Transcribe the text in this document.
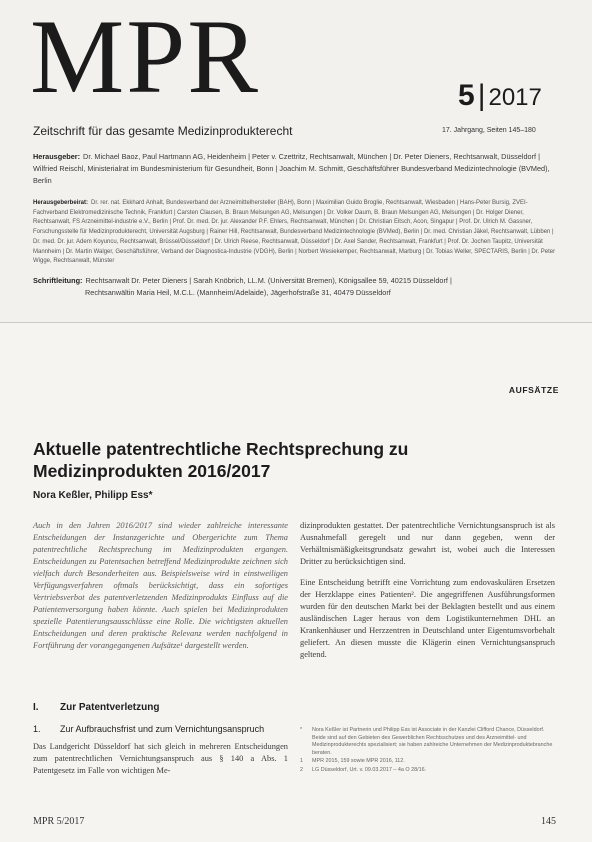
MPR	5 | 2017
Zeitschrift für das gesamte Medizinprodukterecht	17. Jahrgang, Seiten 145–180
Herausgeber: Dr. Michael Baoz, Paul Hartmann AG, Heidenheim | Peter v. Czettritz, Rechtsanwalt, München | Dr. Peter Dieners, Rechtsanwalt, Düsseldorf | Wilfried Reischl, Ministerialrat im Bundesministerium für Gesundheit, Bonn | Joachim M. Schmitt, Geschäftsführer Bundesverband Medizintechnologie (BVMed), Berlin
Herausgeberbeirat: Dr. rer. nat. Ekkhard Anhalt, Bundesverband der Arzneimittelhersteller (BAH), Bonn | Maximilian Guido Broglie, Rechtsanwalt, Wiesbaden | Hans-Peter Bursig, ZVEI-Fachverband Elektromedizinische Technik, Frankfurt | Carsten Clausen, B. Braun Melsungen AG, Melsungen | Dr. Volker Daum, B. Braun Melsungen AG, Melsungen | Dr. Holger Diener, Rechtsanwalt, FS Arzneimittel-industrie e.V., Berlin | Prof. Dr. med. Dr. jur. Alexander P.F. Ehlers, Rechtsanwalt, München | Dr. Christian Eitsch, Acon, Singapur | Prof. Dr. Ulrich M. Gassner, Forschungsstelle für Medizinprodukterecht, Universität Augsburg | Rainer Hill, Rechtsanwalt, Bundesverband Medizintechnologie (BVMed), Berlin | Dr. med. Christian Jäkel, Rechtsanwalt, Lübben | Dr. med. Dr. jur. Adem Koyuncu, Rechtsanwalt, Brüssel/Düsseldorf | Dr. Ulrich Reese, Rechtsanwalt, Düsseldorf | Dr. Axel Sander, Rechtsanwalt, Frankfurt | Prof. Dr. Jochen Taupitz, Universität Mannheim | Dr. Martin Walger, Geschäftsführer, Verband der Diagnostica-Industrie (VDGH), Berlin | Norbert Wesiekemper, Rechtsanwalt, Marburg | Dr. Tobias Weller, SPECTARIS, Berlin | Dr. Peter Wigge, Rechtsanwalt, Münster
Schriftleitung: Rechtsanwalt Dr. Peter Dieners | Sarah Knöbrich, LL.M. (Universität Bremen), Königsallee 59, 40215 Düsseldorf |
Rechtsanwältin Maria Heil, M.C.L. (Mannheim/Adelaide), Jägerhofstraße 31, 40479 Düsseldorf
AUFSÄTZE
Aktuelle patentrechtliche Rechtsprechung zu Medizinprodukten 2016/2017
Nora Keßler, Philipp Ess*

Auch in den Jahren 2016/2017 sind wieder zahlreiche interessante Entscheidungen der Instanzgerichte und Obergerichte zum Thema patentrechtliche Rechtsprechung im Medizinprodukten ergangen. Entscheidungen zu Patentsachen betreffend Medizinprodukte zeichnen sich vielfach durch Besonderheiten aus. Beispielsweise wird in einstweiligen Verfügungsverfahren oftmals berücksichtigt, dass ein sofortiges Vertriebsverbot des patentverletzenden Medizinprodukts Einfluss auf die Patientenversorgung haben könnte. Auch spielen bei Medizinprodukten spezielle Patentierungsausschlüsse eine Rolle. Die wichtigsten aktuellen Entscheidungen und deren praktische Relevanz werden nachfolgend in Fortführung der vorangegangenen Aufsätze¹ dargestellt werden.

dizinprodukten gestattet. Der patentrechtliche Vernichtungsanspruch ist als Ausnahmefall geregelt und nur dann gegeben, wenn der Verhältnismäßigkeitsgrundsatz gewahrt ist, wobei auch die Interessen Dritter zu berücksichtigen sind.

Eine Entscheidung betrifft eine Vorrichtung zum endovaskulären Ersetzen der Herzklappe eines Patienten². Die angegriffenen Ausführungsformen wurden für den deutschen Markt bei der Beklagten bestellt und aus einem ausländischen Lager heraus von dem Logistikunternehmen DHL an Krankenhäuser und Herzzentren in Deutschland unter Eigentumsvorbehalt geliefert. An diesen musste die Klägerin einen Vernichtungsanspruch geltend.

I. Zur Patentverletzung
1. Zur Aufbrauchsfrist und zum Vernichtungsanspruch
Das Landgericht Düsseldorf hat sich gleich in mehreren Entscheidungen zum patentrechtlichen Vernichtungsanspruch aus § 140 a Abs. 1 Patentgesetz im Falle von wichtigen Me-
*	Nora Keßler ist Partnerin und Philipp Ess ist Associate in der Kanzlei Clifford Chance, Düsseldorf. Beide sind auf den Gebieten des Gewerblichen Rechtsschutzes und des Arzneimittel- und Medizinprodukterechts spezialisiert; sie haben zahlreiche Unternehmen der Medizinproduktebranche beraten.
1	MPR 2015, 159 sowie MPR 2016, 112.
2	LG Düsseldorf, Urt. v. 09.03.2017 – 4a O 28/16.
MPR 5/2017	145
